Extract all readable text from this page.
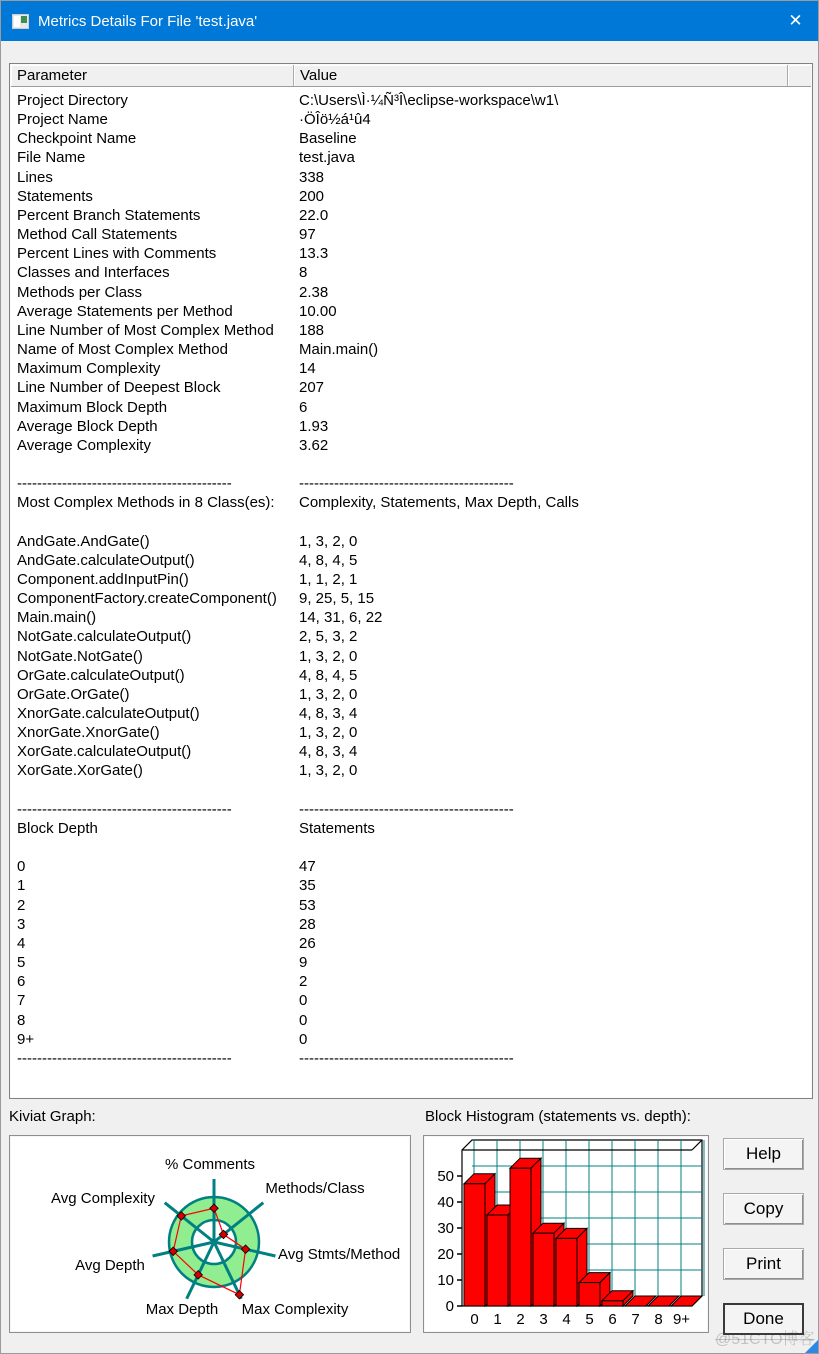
Metrics Details For File 'test.java'	✕
Parameter	Value
Project Directory	C:\Users\Ì·¼Ñ³Î\eclipse-workspace\w1\
Project Name	·ÖÎö½á¹û4
Checkpoint Name	Baseline
File Name	test.java
Lines	338
Statements	200
Percent Branch Statements	22.0
Method Call Statements	97
Percent Lines with Comments	13.3
Classes and Interfaces	8
Methods per Class	2.38
Average Statements per Method	10.00
Line Number of Most Complex Method	188
Name of Most Complex Method	Main.main()
Maximum Complexity	14
Line Number of Deepest Block	207
Maximum Block Depth	6
Average Block Depth	1.93
Average Complexity	3.62
-------------------------------------------	-------------------------------------------
Most Complex Methods in 8 Class(es):	Complexity, Statements, Max Depth, Calls
AndGate.AndGate()	1, 3, 2, 0
AndGate.calculateOutput()	4, 8, 4, 5
Component.addInputPin()	1, 1, 2, 1
ComponentFactory.createComponent()	9, 25, 5, 15
Main.main()	14, 31, 6, 22
NotGate.calculateOutput()	2, 5, 3, 2
NotGate.NotGate()	1, 3, 2, 0
OrGate.calculateOutput()	4, 8, 4, 5
OrGate.OrGate()	1, 3, 2, 0
XnorGate.calculateOutput()	4, 8, 3, 4
XnorGate.XnorGate()	1, 3, 2, 0
XorGate.calculateOutput()	4, 8, 3, 4
XorGate.XorGate()	1, 3, 2, 0
-------------------------------------------	-------------------------------------------
Block Depth	Statements
0	47
1	35
2	53
3	28
4	26
5	9
6	2
7	0
8	0
9+	0
-------------------------------------------	-------------------------------------------
Kiviat Graph:	Block Histogram (statements vs. depth):
% Comments
Methods/Class
Avg Stmts/Method
Max Complexity
Max Depth
Avg Depth
Avg Complexity
0
10
20
30
40
50
0 1 2 3 4 5 6 7 8 9+
Help
Copy
Print
Done
@51CTO博客
